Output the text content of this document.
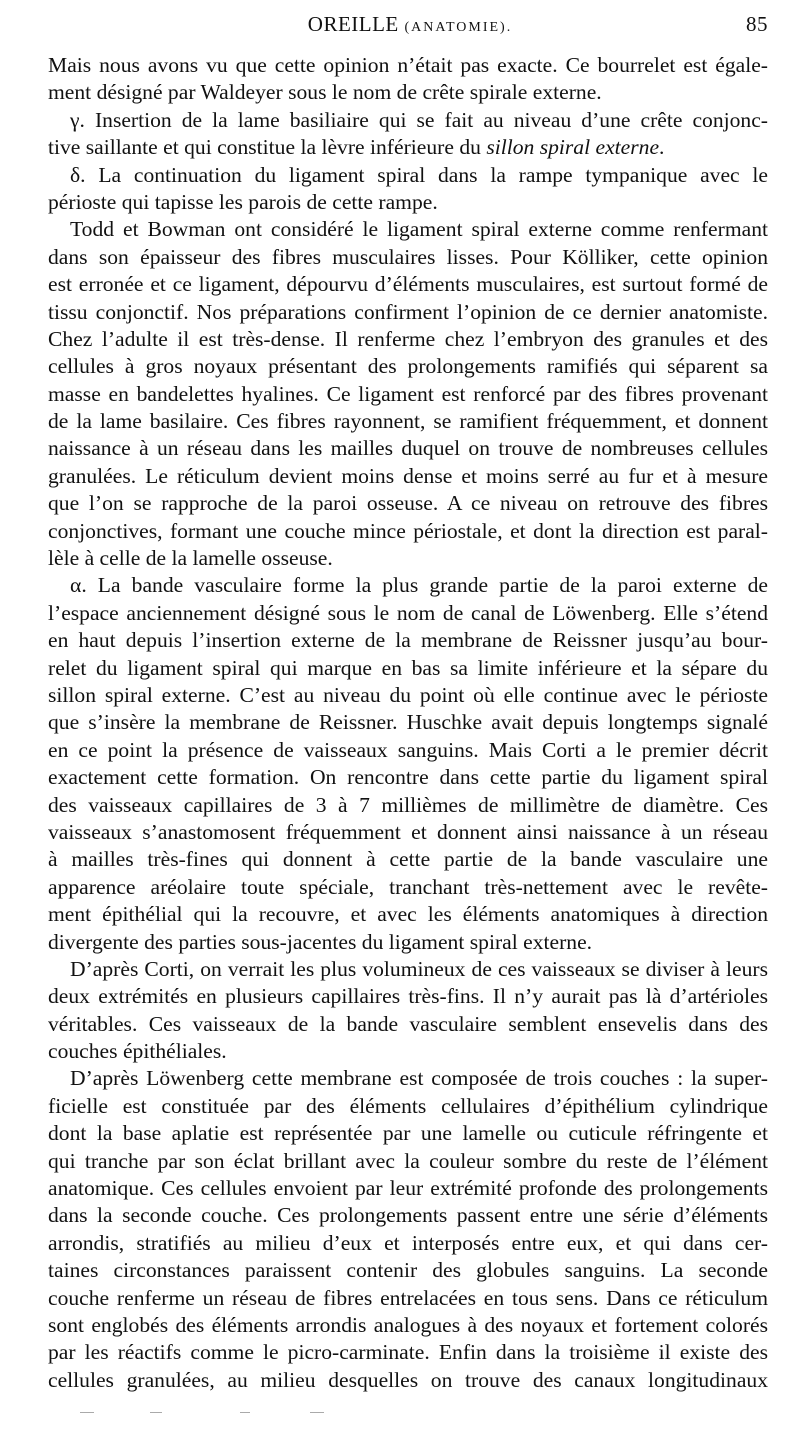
OREILLE (ANATOMIE).	85
Mais nous avons vu que cette opinion n’était pas exacte. Ce bourrelet est égale-
ment désigné par Waldeyer sous le nom de crête spirale externe.
γ. Insertion de la lame basiliaire qui se fait au niveau d’une crête conjonc-
tive saillante et qui constitue la lèvre inférieure du sillon spiral externe.
δ. La continuation du ligament spiral dans la rampe tympanique avec le
périoste qui tapisse les parois de cette rampe.
Todd et Bowman ont considéré le ligament spiral externe comme renfermant
dans son épaisseur des fibres musculaires lisses. Pour Kölliker, cette opinion
est erronée et ce ligament, dépourvu d’éléments musculaires, est surtout formé de
tissu conjonctif. Nos préparations confirment l’opinion de ce dernier anatomiste.
Chez l’adulte il est très-dense. Il renferme chez l’embryon des granules et des
cellules à gros noyaux présentant des prolongements ramifiés qui séparent sa
masse en bandelettes hyalines. Ce ligament est renforcé par des fibres provenant
de la lame basilaire. Ces fibres rayonnent, se ramifient fréquemment, et donnent
naissance à un réseau dans les mailles duquel on trouve de nombreuses cellules
granulées. Le réticulum devient moins dense et moins serré au fur et à mesure
que l’on se rapproche de la paroi osseuse. A ce niveau on retrouve des fibres
conjonctives, formant une couche mince périostale, et dont la direction est paral-
lèle à celle de la lamelle osseuse.
α. La bande vasculaire forme la plus grande partie de la paroi externe de
l’espace anciennement désigné sous le nom de canal de Löwenberg. Elle s’étend
en haut depuis l’insertion externe de la membrane de Reissner jusqu’au bour-
relet du ligament spiral qui marque en bas sa limite inférieure et la sépare du
sillon spiral externe. C’est au niveau du point où elle continue avec le périoste
que s’insère la membrane de Reissner. Huschke avait depuis longtemps signalé
en ce point la présence de vaisseaux sanguins. Mais Corti a le premier décrit
exactement cette formation. On rencontre dans cette partie du ligament spiral
des vaisseaux capillaires de 3 à 7 millièmes de millimètre de diamètre. Ces
vaisseaux s’anastomosent fréquemment et donnent ainsi naissance à un réseau
à mailles très-fines qui donnent à cette partie de la bande vasculaire une
apparence aréolaire toute spéciale, tranchant très-nettement avec le revête-
ment épithélial qui la recouvre, et avec les éléments anatomiques à direction
divergente des parties sous-jacentes du ligament spiral externe.
D’après Corti, on verrait les plus volumineux de ces vaisseaux se diviser à leurs
deux extrémités en plusieurs capillaires très-fins. Il n’y aurait pas là d’artérioles
véritables. Ces vaisseaux de la bande vasculaire semblent ensevelis dans des
couches épithéliales.
D’après Löwenberg cette membrane est composée de trois couches : la super-
ficielle est constituée par des éléments cellulaires d’épithélium cylindrique
dont la base aplatie est représentée par une lamelle ou cuticule réfringente et
qui tranche par son éclat brillant avec la couleur sombre du reste de l’élément
anatomique. Ces cellules envoient par leur extrémité profonde des prolongements
dans la seconde couche. Ces prolongements passent entre une série d’éléments
arrondis, stratifiés au milieu d’eux et interposés entre eux, et qui dans cer-
taines circonstances paraissent contenir des globules sanguins. La seconde
couche renferme un réseau de fibres entrelacées en tous sens. Dans ce réticulum
sont englobés des éléments arrondis analogues à des noyaux et fortement colorés
par les réactifs comme le picro-carminate. Enfin dans la troisième il existe des
cellules granulées, au milieu desquelles on trouve des canaux longitudinaux
